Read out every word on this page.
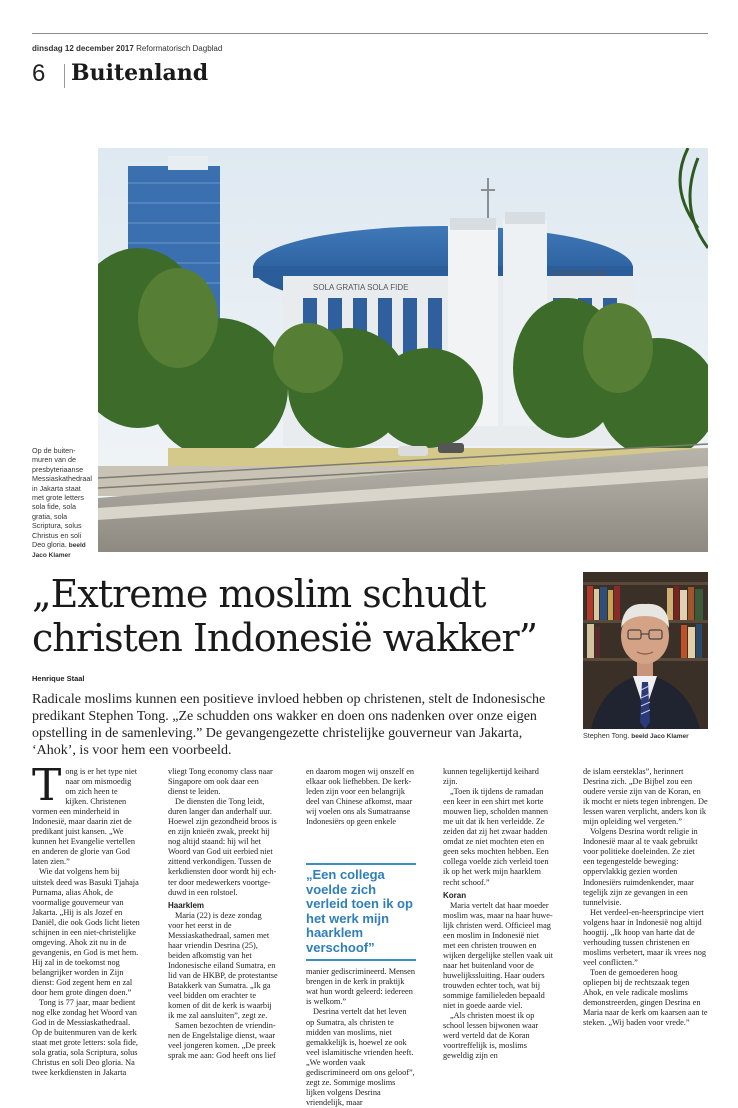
dinsdag 12 december 2017 Reformatorisch Dagblad
6 Buitenland
SOLA GRATIA SOLA FIDE
KASIHI ALLAH
Op de buitenmuren van de presbyteriaanse Messiaskathedraal in Jakarta staat met grote letters sola fide, sola gratia, sola Scriptura, solus Christus en soli Deo gloria. beeld Jaco Klamer
„Extreme moslim schudt christen Indonesië wakker”
Stephen Tong. beeld Jaco Klamer
Henrique Staal
Radicale moslims kunnen een positieve invloed hebben op christenen, stelt de Indonesische predikant Stephen Tong. „Ze schudden ons wakker en doen ons nadenken over onze eigen opstelling in de samenleving.” De gevangengezette christelijke gouverneur van Jakarta, ‘Ahok’, is voor hem een voorbeeld.

Tong is er het type niet naar om mismoedig om zich heen te kijken. Christenen vormen een minderheid in Indonesië, maar daarin ziet de predikant juist kansen. „We kunnen het Evangelie vertellen en anderen de glorie van God laten zien.”

Wie dat volgens hem bij uitstek deed was Basuki Tjahaja Purnama, alias Ahok, de voormalige gouverneur van Jakarta. „Hij is als Jozef en Daniël, die ook Gods licht lieten schijnen in een niet-christelijke omgeving. Ahok zit nu in de gevangenis, en God is met hem. Hij zal in de toekomst nog belangrijker worden in Zijn dienst: God zegent hem en zal door hem grote dingen doen.”

Tong is 77 jaar, maar bedient nog elke zondag het Woord van God in de Messiaskathedraal. Op de buitenmuren van de kerk staat met grote letters: sola fide, sola gratia, sola Scriptura, solus Christus en soli Deo gloria. Na twee kerkdiensten in Jakarta

vliegt Tong economy class naar Singapore om ook daar een dienst te leiden.

De diensten die Tong leidt, duren langer dan anderhalf uur. Hoewel zijn gezondheid broos is en zijn knieën zwak, preekt hij nog altijd staand: hij wil het Woord van God uit eerbied niet zittend verkondigen. Tussen de kerkdiensten door wordt hij echter door medewerkers voortgeduwd in een rolstoel.

Haarklem

Maria (22) is deze zondag voor het eerst in de Messiaskathedraal, samen met haar vriendin Desrina (25), beiden afkomstig van het Indonesische eiland Sumatra, en lid van de HKBP, de protestantse Batakkerk van Sumatra. „Ik ga veel bidden om erachter te komen of dit de kerk is waarbij ik me zal aansluiten”, zegt ze.

Samen bezochten de vriendinnen de Engelstalige dienst, waar veel jongeren komen. „De preek sprak me aan: God heeft ons lief

en daarom mogen wij onszelf en elkaar ook liefhebben. De kerkleden zijn voor een belangrijk deel van Chinese afkomst, maar wij voelen ons als Sumatraanse Indonesiërs op geen enkele

„Een collega voelde zich verleid toen ik op het werk mijn haarklem verschoof”

manier gediscrimineerd. Mensen brengen in de kerk in praktijk wat hun wordt geleerd: iedereen is welkom.”

Desrina vertelt dat het leven op Sumatra, als christen te midden van moslims, niet gemakkelijk is, hoewel ze ook veel islamitische vrienden heeft. „We worden vaak gediscrimineerd om ons geloof”, zegt ze. Sommige moslims lijken volgens Desrina vriendelijk, maar

kunnen tegelijkertijd keihard zijn.

„Toen ik tijdens de ramadan een keer in een shirt met korte mouwen liep, scholden mannen me uit dat ik hen verleidde. Ze zeiden dat zij het zwaar hadden omdat ze niet mochten eten en geen seks mochten hebben. Een collega voelde zich verleid toen ik op het werk mijn haarklem recht schoof.”

Koran

Maria vertelt dat haar moeder moslim was, maar na haar huwelijk christen werd. Officieel mag een moslim in Indonesië niet met een christen trouwen en wijken dergelijke stellen vaak uit naar het buitenland voor de huwelijkssluiting. Haar ouders trouwden echter toch, wat bij sommige familieleden bepaald niet in goede aarde viel.

„Als christen moest ik op school lessen bijwonen waar werd verteld dat de Koran voortreffelijk is, moslims geweldig zijn en

de islam eersteklas”, herinnert Desrina zich. „De Bijbel zou een oudere versie zijn van de Koran, en ik mocht er niets tegen inbrengen. De lessen waren verplicht, anders kon ik mijn opleiding wel vergeten.”

Volgens Desrina wordt religie in Indonesië maar al te vaak gebruikt voor politieke doeleinden. Ze ziet een tegengestelde beweging: oppervlakkig gezien worden Indonesiërs ruimdenkender, maar tegelijk zijn ze gevangen in een tunnelvisie.

Het verdeel-en-heersprincipe viert volgens haar in Indonesië nog altijd hoogtij. „Ik hoop van harte dat de verhouding tussen christenen en moslims verbetert, maar ik vrees nog veel conflicten.”

Toen de gemoederen hoog opliepen bij de rechtszaak tegen Ahok, en vele radicale moslims demonstreerden, gingen Desrina en Maria naar de kerk om kaarsen aan te steken. „Wij baden voor vrede.”
